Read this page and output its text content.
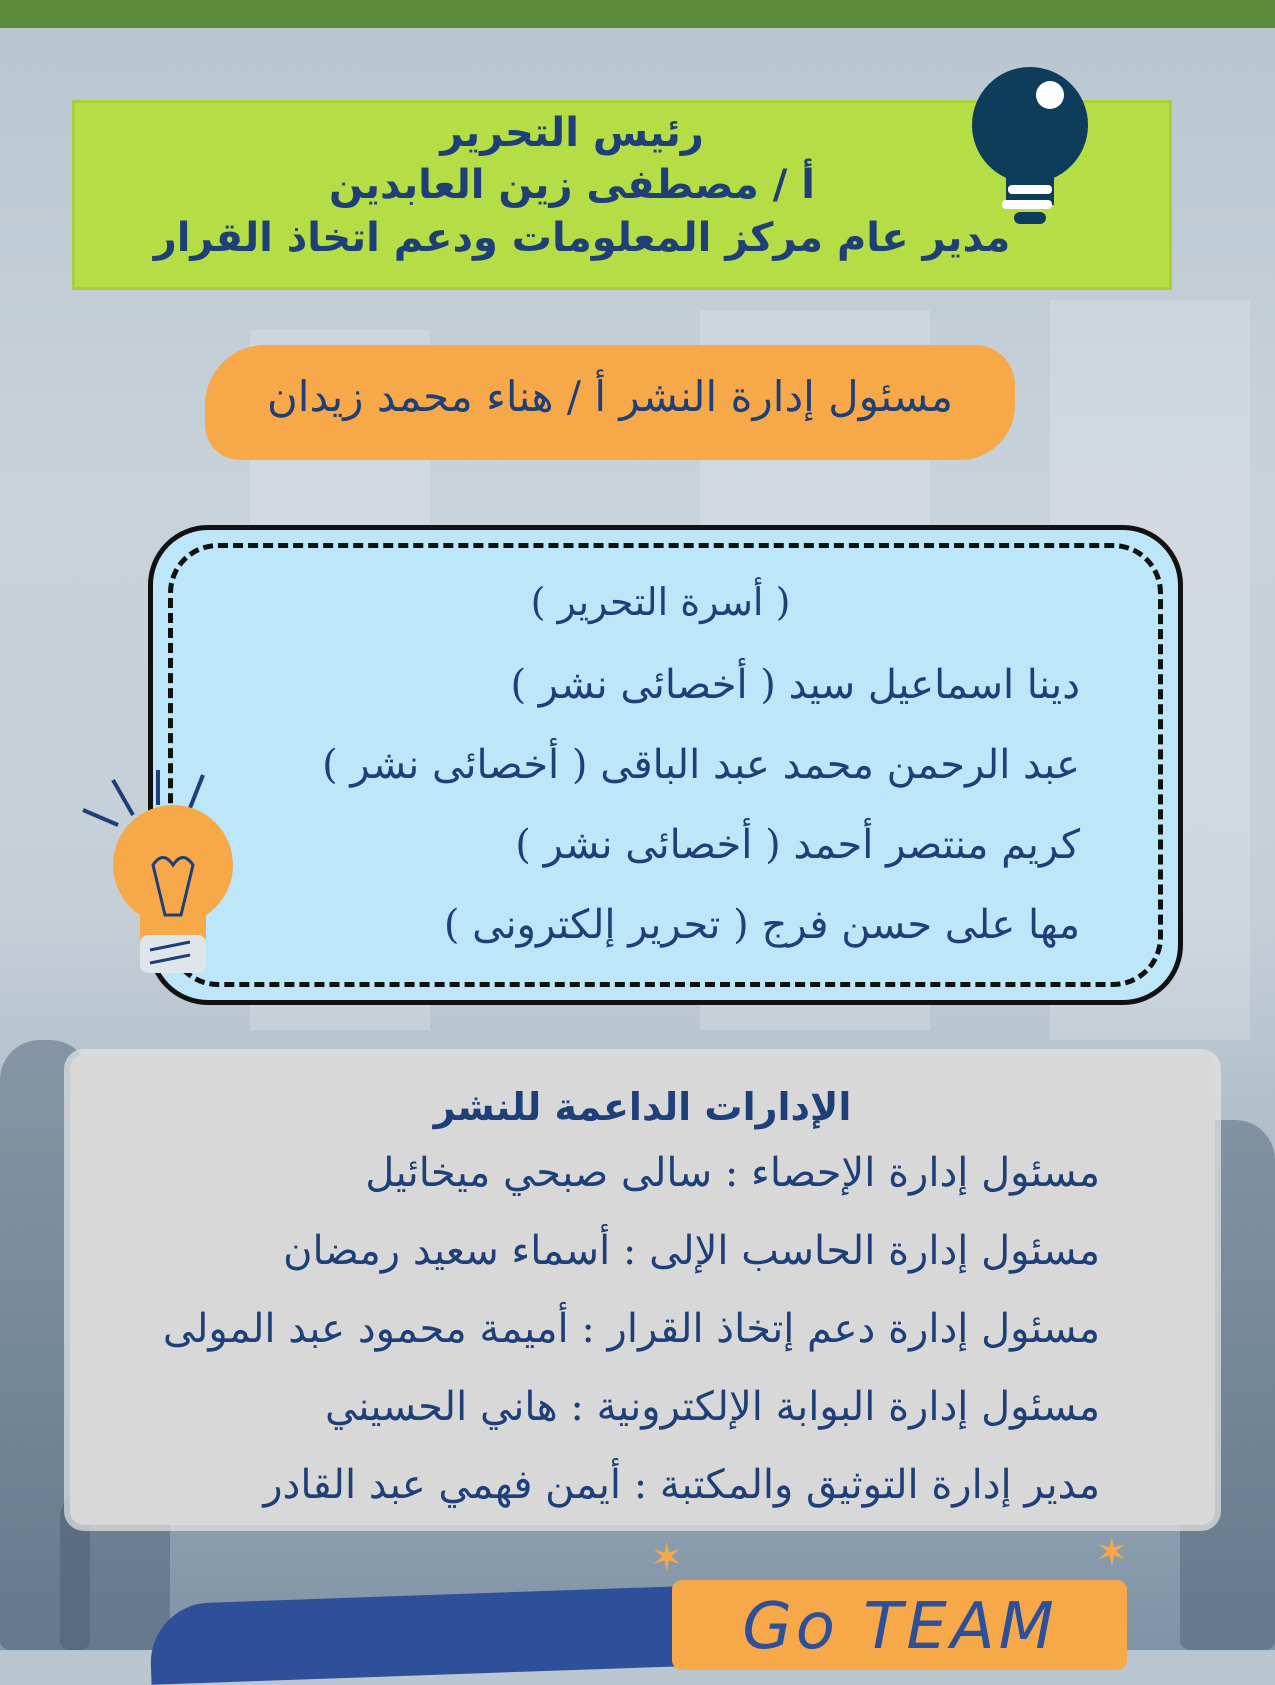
رئيس التحرير
أ / مصطفى زين العابدين
مدير عام مركز المعلومات ودعم اتخاذ القرار
مسئول إدارة النشر أ / هناء محمد زيدان
( أسرة التحرير )
دينا اسماعيل سيد ( أخصائى نشر )
عبد الرحمن محمد عبد الباقى ( أخصائى نشر )
كريم منتصر أحمد ( أخصائى نشر )
مها على حسن فرج ( تحرير إلكترونى )
الإدارات الداعمة للنشر
مسئول إدارة الإحصاء : سالى صبحي ميخائيل
مسئول إدارة الحاسب الإلى : أسماء سعيد رمضان
مسئول إدارة دعم إتخاذ القرار : أميمة محمود عبد المولى
مسئول إدارة البوابة الإلكترونية : هاني الحسيني
مدير إدارة التوثيق والمكتبة : أيمن فهمي عبد القادر
Go TEAM
✶	✶
